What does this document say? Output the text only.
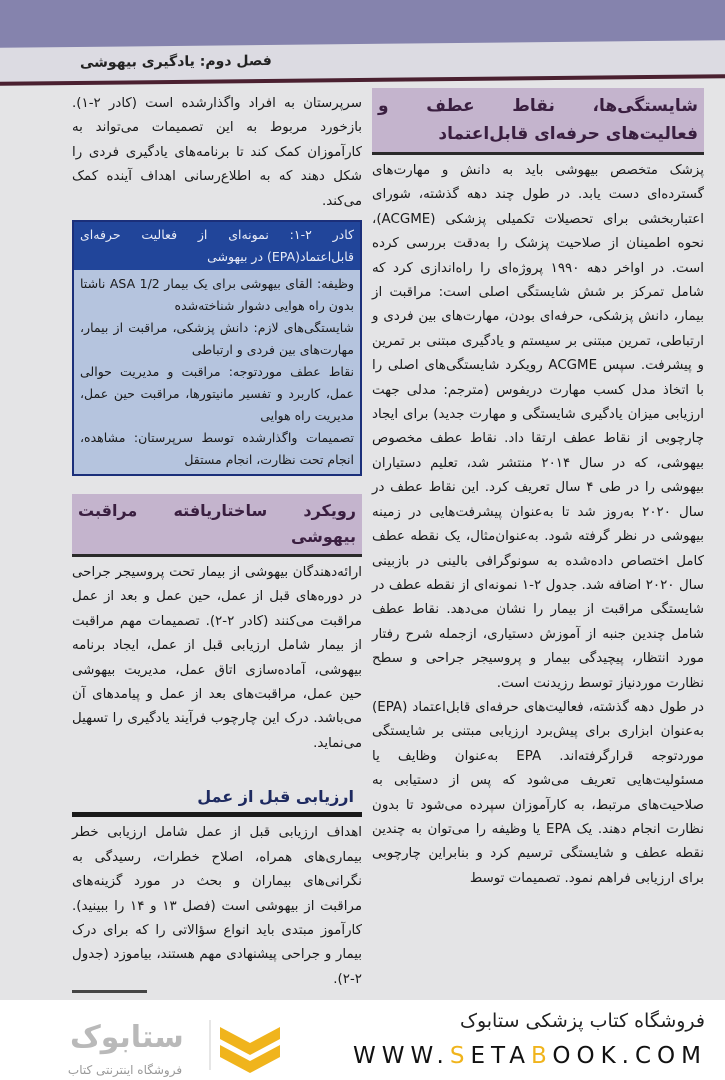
فصل دوم: یادگیری بیهوشی
شایستگی‌ها، نقاط عطف و فعالیت‌های حرفه‌ای قابل‌اعتماد

پزشک متخصص بیهوشی باید به دانش و مهارت‌های گسترده‌ای دست یابد. در طول چند دهه گذشته، شورای اعتباربخشی برای تحصیلات تکمیلی پزشکی (ACGME)، نحوه اطمینان از صلاحیت پزشک را به‌دقت بررسی کرده است. در اواخر دهه ۱۹۹۰ پروژه‌ای را راه‌اندازی کرد که شامل تمرکز بر شش شایستگی اصلی است: مراقبت از بیمار، دانش پزشکی، حرفه‌ای بودن، مهارت‌های بین فردی و ارتباطی، تمرین مبتنی بر سیستم و یادگیری مبتنی بر تمرین و پیشرفت. سپس ACGME رویکرد شایستگی‌های اصلی را با اتخاذ مدل کسب مهارت دریفوس (مترجم: مدلی جهت ارزیابی میزان یادگیری شایستگی و مهارت جدید) برای ایجاد چارچوبی از نقاط عطف ارتقا داد. نقاط عطف مخصوص بیهوشی، که در سال ۲۰۱۴ منتشر شد، تعلیم دستیاران بیهوشی را در طی ۴ سال تعریف کرد. این نقاط عطف در سال ۲۰۲۰ به‌روز شد تا به‌عنوان پیشرفت‌هایی در زمینه بیهوشی در نظر گرفته شود. به‌عنوان‌مثال، یک نقطه عطف کامل اختصاص داده‌شده به سونوگرافی بالینی در بازبینی سال ۲۰۲۰ اضافه شد. جدول ۲-۱ نمونه‌ای از نقطه عطف در شایستگی مراقبت از بیمار را نشان می‌دهد. نقاط عطف شامل چندین جنبه از آموزش دستیاری، ازجمله شرح رفتار مورد انتظار، پیچیدگی بیمار و پروسیجر جراحی و سطح نظارت موردنیاز توسط رزیدنت است.

در طول دهه گذشته، فعالیت‌های حرفه‌ای قابل‌اعتماد (EPA) به‌عنوان ابزاری برای پیش‌برد ارزیابی مبتنی بر شایستگی موردتوجه قرارگرفته‌اند. EPA به‌عنوان وظایف یا مسئولیت‌هایی تعریف می‌شود که پس از دستیابی به صلاحیت‌های مرتبط، به کارآموزان سپرده می‌شود تا بدون نظارت انجام دهند. یک EPA یا وظیفه را می‌توان به چندین نقطه عطف و شایستگی ترسیم کرد و بنابراین چارچوبی برای ارزیابی فراهم نمود. تصمیمات توسط

سرپرستان به افراد واگذارشده است (کادر ۲-۱). بازخورد مربوط به این تصمیمات می‌تواند به کارآموزان کمک کند تا برنامه‌های یادگیری فردی را شکل دهند که به اطلاع‌رسانی اهداف آینده کمک می‌کند.

کادر ۲-۱: نمونه‌ای از فعالیت حرفه‌ای قابل‌اعتماد(EPA) در بیهوشی
وظیفه: القای بیهوشی برای یک بیمار ASA 1/2 ناشتا بدون راه هوایی دشوار شناخته‌شده
شایستگی‌های لازم: دانش پزشکی، مراقبت از بیمار، مهارت‌های بین فردی و ارتباطی
نقاط عطف موردتوجه: مراقبت و مدیریت حوالی عمل، کاربرد و تفسیر مانیتورها، مراقبت حین عمل، مدیریت راه هوایی
تصمیمات واگذارشده توسط سرپرستان: مشاهده، انجام تحت نظارت، انجام مستقل
رویکرد ساختاریافته مراقبت بیهوشی

ارائه‌دهندگان بیهوشی از بیمار تحت پروسیجر جراحی در دوره‌های قبل از عمل، حین عمل و بعد از عمل مراقبت می‌کنند (کادر ۲-۲). تصمیمات مهم مراقبت از بیمار شامل ارزیابی قبل از عمل، ایجاد برنامه بیهوشی، آماده‌سازی اتاق عمل، مدیریت بیهوشی حین عمل، مراقبت‌های بعد از عمل و پیامدهای آن می‌باشد. درک این چارچوب فرآیند یادگیری را تسهیل می‌نماید.

ارزیابی قبل از عمل

اهداف ارزیابی قبل از عمل شامل ارزیابی خطر بیماری‌های همراه، اصلاح خطرات، رسیدگی به نگرانی‌های بیماران و بحث در مورد گزینه‌های مراقبت از بیهوشی است (فصل ۱۳ و ۱۴ را ببینید). کارآموز مبتدی باید انواع سؤالاتی را که برای درک بیمار و جراحی پیشنهادی مهم هستند، بیاموزد (جدول ۲-۲).

ستابوک
فروشگاه اینترنتی کتاب
فروشگاه کتاب پزشکی ستابوک
WWW.SETABOOK.COM
